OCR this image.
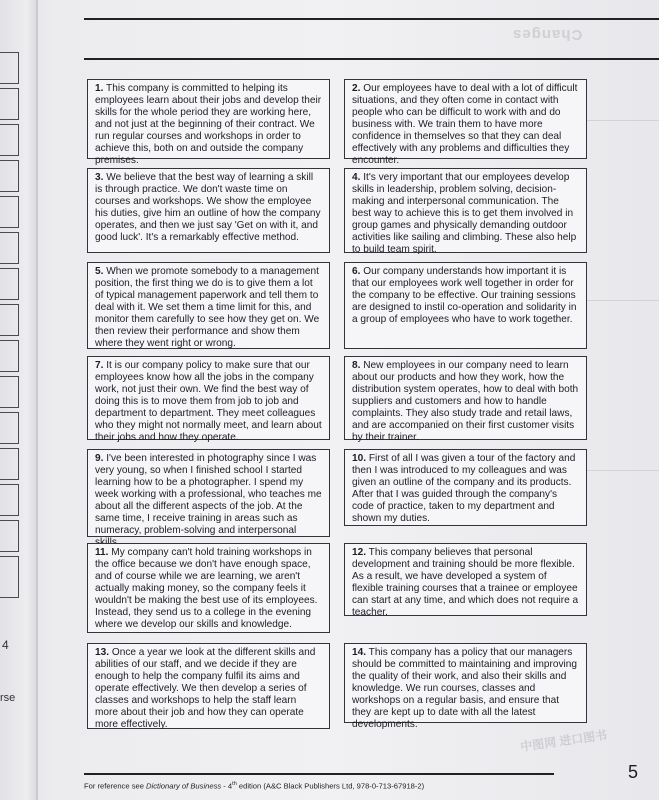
4
rse
Changes
1. This company is committed to helping its employees learn about their jobs and develop their skills for the whole period they are working here, and not just at the beginning of their contract. We run regular courses and workshops in order to achieve this, both on and outside the company premises.
2. Our employees have to deal with a lot of difficult situations, and they often come in contact with people who can be difficult to work with and do business with. We train them to have more confidence in themselves so that they can deal effectively with any problems and difficulties they encounter.
3. We believe that the best way of learning a skill is through practice. We don't waste time on courses and workshops. We show the employee his duties, give him an outline of how the company operates, and then we just say 'Get on with it, and good luck'. It's a remarkably effective method.
4. It's very important that our employees develop skills in leadership, problem solving, decision-making and interpersonal communication. The best way to achieve this is to get them involved in group games and physically demanding outdoor activities like sailing and climbing. These also help to build team spirit.
5. When we promote somebody to a management position, the first thing we do is to give them a lot of typical management paperwork and tell them to deal with it. We set them a time limit for this, and monitor them carefully to see how they get on. We then review their performance and show them where they went right or wrong.
6. Our company understands how important it is that our employees work well together in order for the company to be effective. Our training sessions are designed to instil co-operation and solidarity in a group of employees who have to work together.
7. It is our company policy to make sure that our employees know how all the jobs in the company work, not just their own. We find the best way of doing this is to move them from job to job and department to department. They meet colleagues who they might not normally meet, and learn about their jobs and how they operate.
8. New employees in our company need to learn about our products and how they work, how the distribution system operates, how to deal with both suppliers and customers and how to handle complaints. They also study trade and retail laws, and are accompanied on their first customer visits by their trainer.
9. I've been interested in photography since I was very young, so when I finished school I started learning how to be a photographer. I spend my week working with a professional, who teaches me about all the different aspects of the job. At the same time, I receive training in areas such as numeracy, problem-solving and interpersonal
10. First of all I was given a tour of the factory and then I was introduced to my colleagues and was given an outline of the company and its products. After that I was guided through the company's code of practice, taken to my department and shown my duties.
11. My company can't hold training workshops in the office because we don't have enough space, and of course while we are learning, we aren't actually making money, so the company feels it wouldn't be making the best use of its employees. Instead, they send us to a college in the evening where we develop our skills and knowledge.
12. This company believes that personal development and training should be more flexible. As a result, we have developed a system of flexible training courses that a trainee or employee can start at any time, and which does not require a teacher.
13. Once a year we look at the different skills and abilities of our staff, and we decide if they are enough to help the company fulfil its aims and operate effectively. We then develop a series of classes and workshops to help the staff learn more about their job and how they can operate more effectively.
14. This company has a policy that our managers should be committed to maintaining and improving the quality of their work, and also their skills and knowledge. We run courses, classes and workshops on a regular basis, and ensure that they are kept up to date with all the latest developments.
For reference see Dictionary of Business - 4th edition (A&C Black Publishers Ltd, 978-0-713-67918-2)
5
中图网 进口图书
